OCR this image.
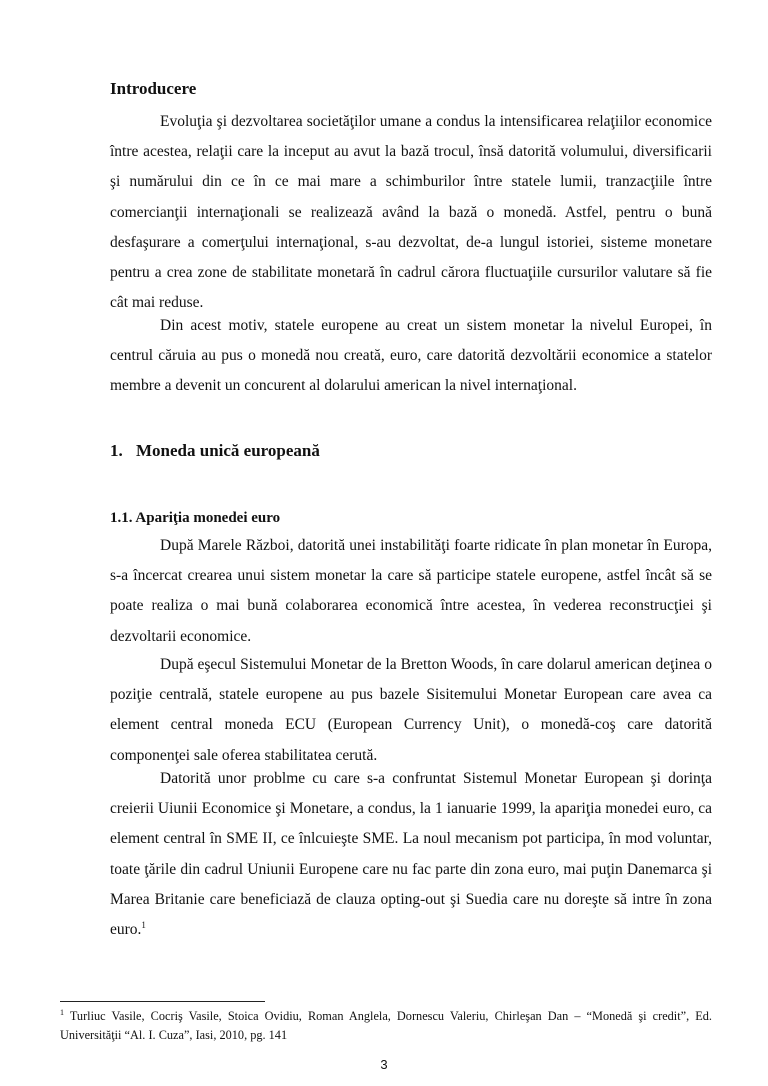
Introducere

Evoluţia şi dezvoltarea societăţilor umane a condus la intensificarea relaţiilor economice între acestea, relaţii care la inceput au avut la bază trocul, însă datorită volumului, diversificarii şi numărului din ce în ce mai mare a schimburilor între statele lumii, tranzacţiile între comercianţii internaţionali se realizează având la bază o monedă. Astfel, pentru o bună desfaşurare a comerţului internaţional, s-au dezvoltat, de-a lungul istoriei, sisteme monetare pentru a crea zone de stabilitate monetară în cadrul cărora fluctuaţiile cursurilor valutare să fie cât mai reduse.

Din acest motiv, statele europene au creat un sistem monetar la nivelul Europei, în centrul căruia au pus o monedă nou creată, euro, care datorită dezvoltării economice a statelor membre a devenit un concurent al dolarului american la nivel internaţional.

1. Moneda unică europeană
1.1. Apariţia monedei euro

După Marele Război, datorită unei instabilităţi foarte ridicate în plan monetar în Europa, s-a încercat crearea unui sistem monetar la care să participe statele europene, astfel încât să se poate realiza o mai bună colaborarea economică între acestea, în vederea reconstrucţiei şi dezvoltarii economice.

După eşecul Sistemului Monetar de la Bretton Woods, în care dolarul american deţinea o poziţie centrală, statele europene au pus bazele Sisitemului Monetar European care avea ca element central moneda ECU (European Currency Unit), o monedă-coş care datorită componenţei sale oferea stabilitatea cerută.

Datorită unor problme cu care s-a confruntat Sistemul Monetar European şi dorinţa creierii Uiunii Economice şi Monetare, a condus, la 1 ianuarie 1999, la apariţia monedei euro, ca element central în SME II, ce înlcuieşte SME. La noul mecanism pot participa, în mod voluntar, toate ţările din cadrul Uniunii Europene care nu fac parte din zona euro, mai puţin Danemarca şi Marea Britanie care beneficiază de clauza opting-out şi Suedia care nu doreşte să intre în zona euro.$^1$

$^1$ Turliuc Vasile, Cocriş Vasile, Stoica Ovidiu, Roman Anglela, Dornescu Valeriu, Chirleşan Dan – “Monedă şi credit”, Ed. Universităţii “Al. I. Cuza”, Iasi, 2010, pg. 141

3
